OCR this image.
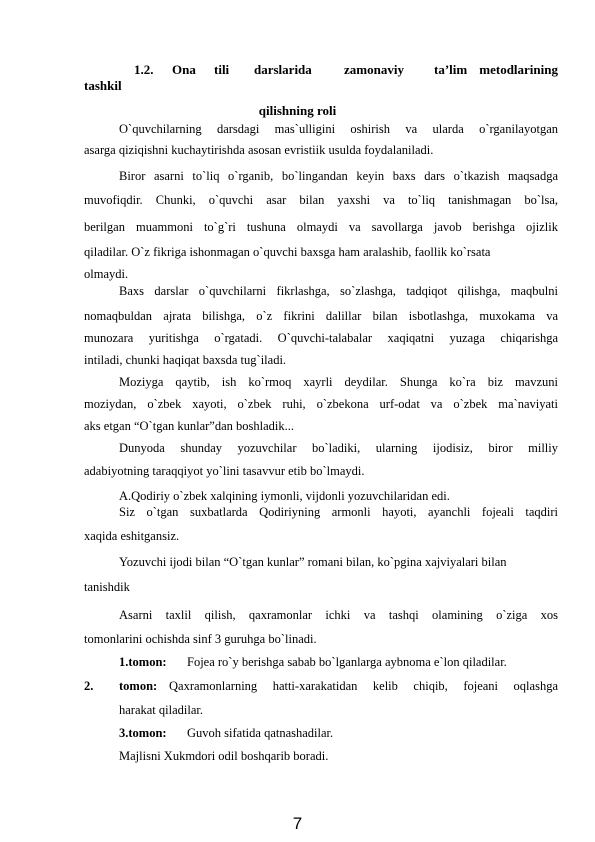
1.2. Ona tili darslarida zamonaviy ta’lim metodlarining
tashkil
qilishning roli
O`quvchilarning darsdagi mas`ulligini oshirish va ularda o`rganilayotgan
asarga qiziqishni kuchaytirishda asosan evristiik usulda foydalaniladi.
Biror asarni to`liq o`rganib, bo`lingandan keyin baxs dars o`tkazish maqsadga
muvofiqdir. Chunki, o`quvchi asar bilan yaxshi va to`liq tanishmagan bo`lsa,
berilgan muammoni to`g`ri tushuna olmaydi va savollarga javob berishga ojizlik
qiladilar. O`z fikriga ishonmagan o`quvchi baxsga ham aralashib, faollik ko`rsata
olmaydi.
Baxs darslar o`quvchilarni fikrlashga, so`zlashga, tadqiqot qilishga, maqbulni
nomaqbuldan ajrata bilishga, o`z fikrini dalillar bilan isbotlashga, muxokama va
munozara yuritishga o`rgatadi. O`quvchi-talabalar xaqiqatni yuzaga chiqarishga
intiladi, chunki haqiqat baxsda tug`iladi.
Moziyga qaytib, ish ko`rmoq xayrli deydilar. Shunga ko`ra biz mavzuni
moziydan, o`zbek xayoti, o`zbek ruhi, o`zbekona urf-odat va o`zbek ma`naviyati
aks etgan “O`tgan kunlar”dan boshladik...
Dunyoda shunday yozuvchilar bo`ladiki, ularning ijodisiz, biror milliy
adabiyotning taraqqiyot yo`lini tasavvur etib bo`lmaydi.
A.Qodiriy o`zbek xalqining iymonli, vijdonli yozuvchilaridan edi.
Siz o`tgan suxbatlarda Qodiriyning armonli hayoti, ayanchli fojeali taqdiri
xaqida eshitgansiz.
Yozuvchi ijodi bilan “O`tgan kunlar” romani bilan, ko`pgina xajviyalari bilan
tanishdik
Asarni taxlil qilish, qaxramonlar ichki va tashqi olamining o`ziga xos
tomonlarini ochishda sinf 3 guruhga bo`linadi.
1.tomon: Fojea ro`y berishga sabab bo`lganlarga aybnoma e`lon qiladilar.
2.	tomon: Qaxramonlarning hatti-xarakatidan kelib chiqib, fojeani oqlashga
harakat qiladilar.
3.tomon: Guvoh sifatida qatnashadilar.
Majlisni Xukmdori odil boshqarib boradi.
7
